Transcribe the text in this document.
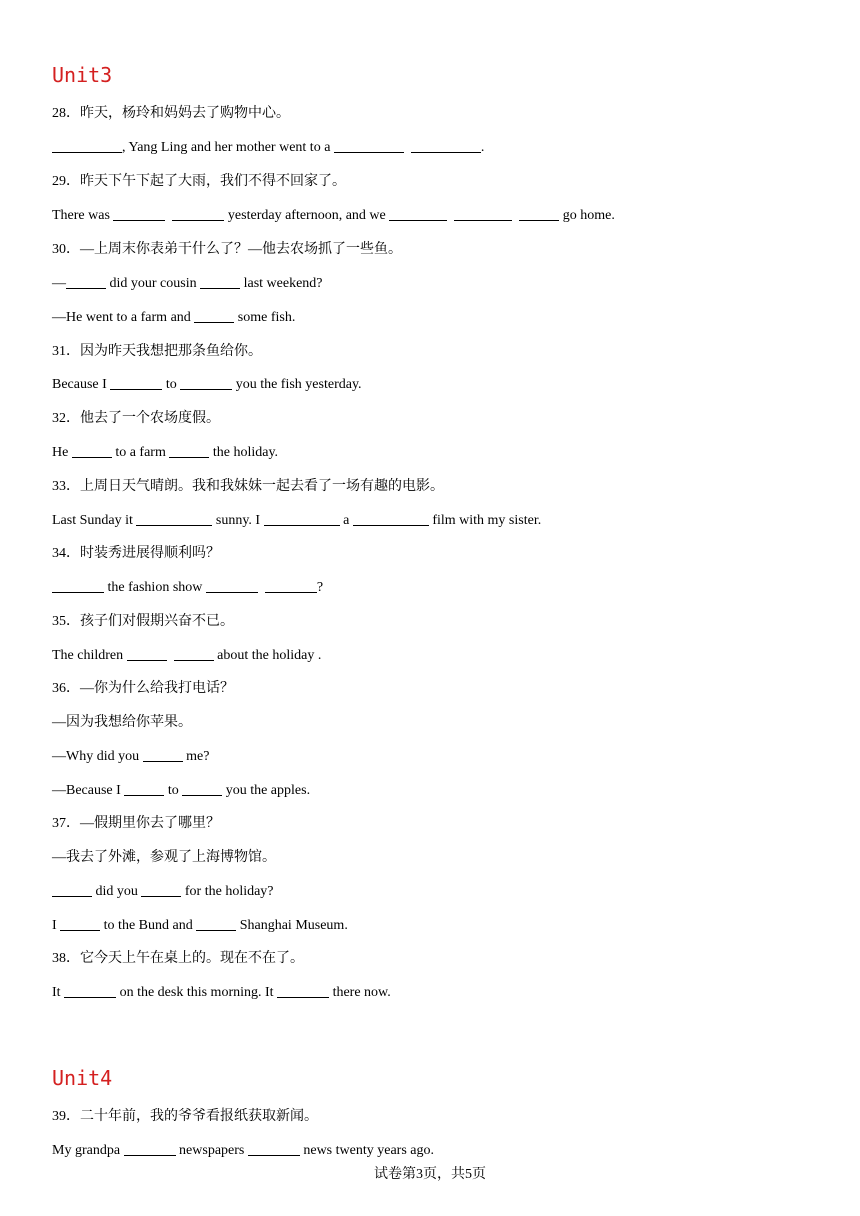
Unit3
28．昨天，杨玲和妈妈去了购物中心。
, Yang Ling and her mother went to a	.
29．昨天下午下起了大雨，我们不得不回家了。
There was	yesterday afternoon, and we	go home.
30．—上周末你表弟干什么了？—他去农场抓了一些鱼。
—	did your cousin	last weekend?
—He went to a farm and	some fish.
31．因为昨天我想把那条鱼给你。
Because I	to	you the fish yesterday.
32．他去了一个农场度假。
He	to a farm	the holiday.
33．上周日天气晴朗。我和我妹妹一起去看了一场有趣的电影。
Last Sunday it	sunny. I	a	film with my sister.
34．时装秀进展得顺利吗？
the fashion show	?
35．孩子们对假期兴奋不已。
The children	about the holiday .
36．—你为什么给我打电话？
—因为我想给你苹果。
—Why did you	me?
—Because I	to	you the apples.
37．—假期里你去了哪里？
—我去了外滩，参观了上海博物馆。
did you	for the holiday?
I	to the Bund and	Shanghai Museum.
38．它今天上午在桌上的。现在不在了。
It	on the desk this morning. It	there now.
Unit4
39．二十年前，我的爷爷看报纸获取新闻。
My grandpa	newspapers	news twenty years ago.
试卷第3页，共5页
